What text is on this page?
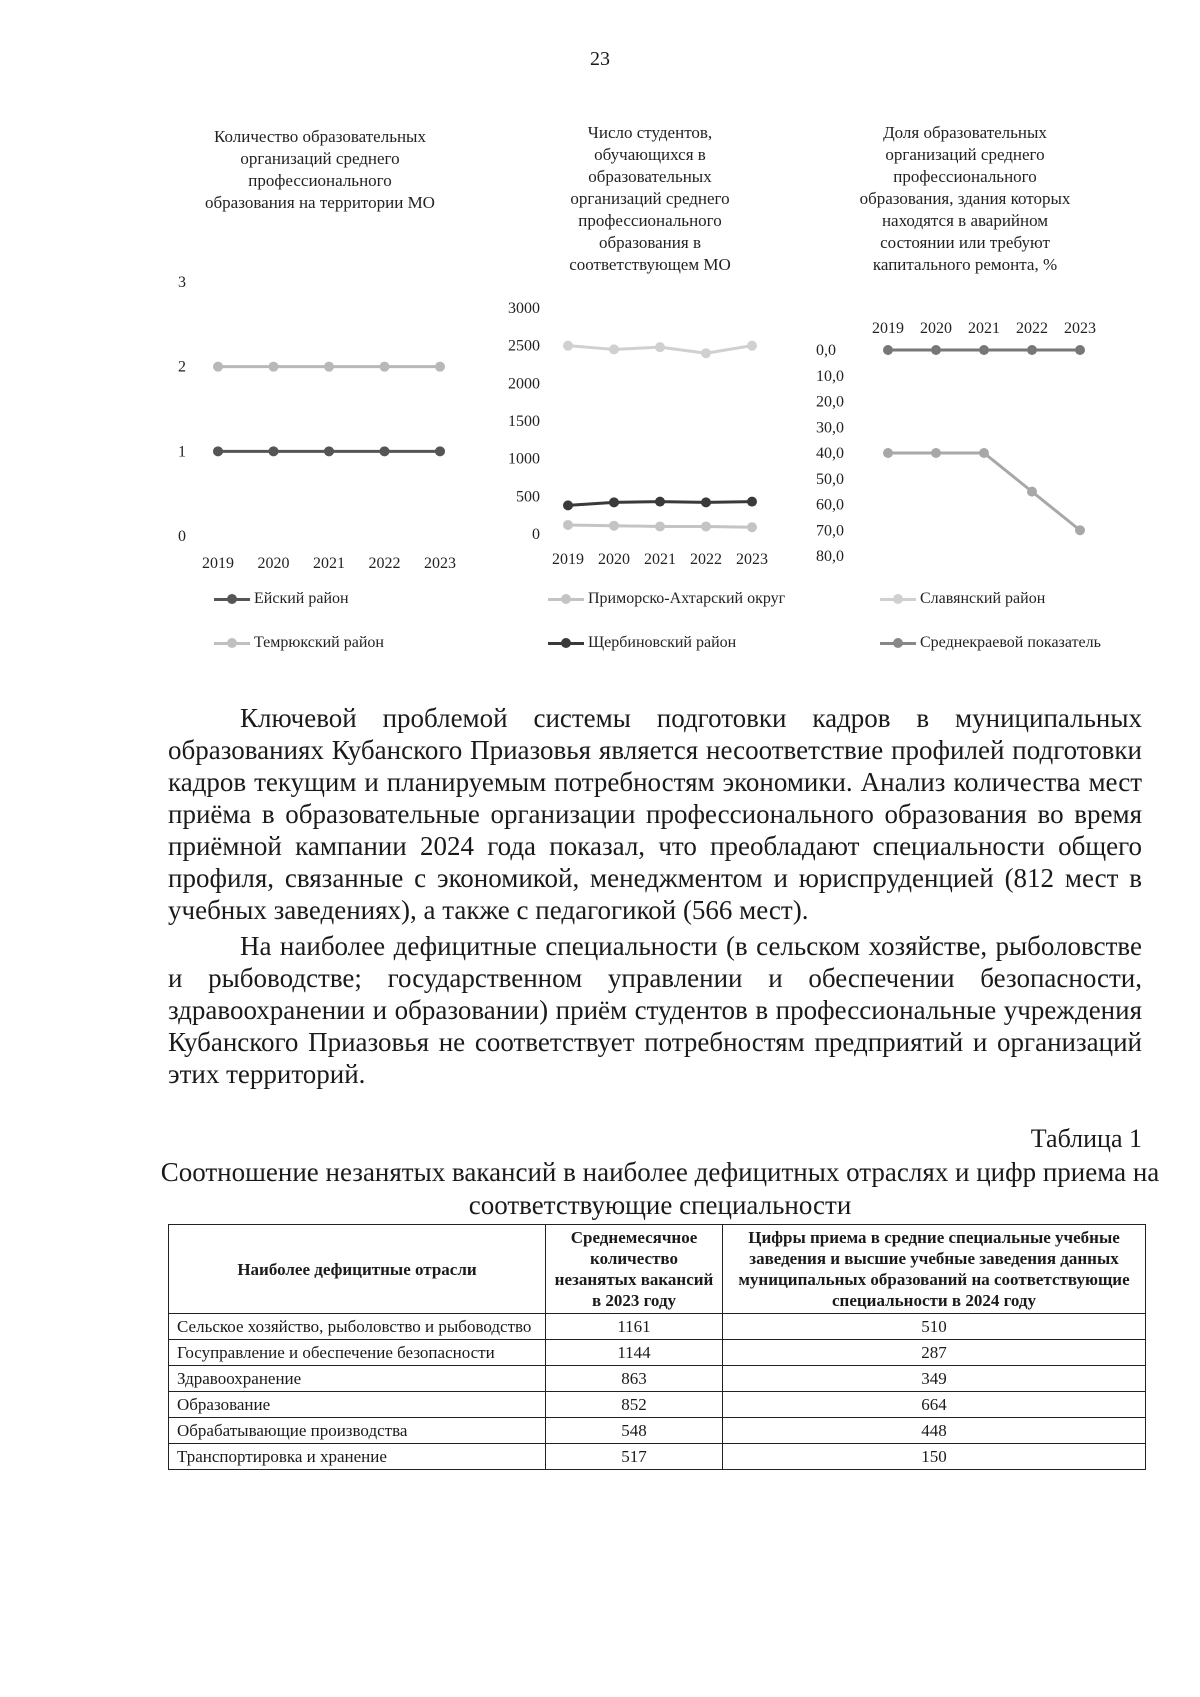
23
Количество образовательных организаций среднего профессионального образования на территории МО
3
2
1
0
2019 2020 2021 2022 2023
Число студентов, обучающихся в образовательных организаций среднего профессионального образования в соответствующем МО
3000
2500
2000
1500
1000
500
0
2019 2020 2021 2022 2023
Доля образовательных организаций среднего профессионального образования, здания которых находятся в аварийном состоянии или требуют капитального ремонта, %
0,0
10,0
20,0
30,0
40,0
50,0
60,0
70,0
80,0
2019 2020 2021 2022 2023
Ейский район
Темрюкский район
Приморско-Ахтарский округ
Щербиновский район
Славянский район
Среднекраевой показатель

Ключевой проблемой системы подготовки кадров в муниципальных образованиях Кубанского Приазовья является несоответствие профилей подготовки кадров текущим и планируемым потребностям экономики. Анализ количества мест приёма в образовательные организации профессионального образования во время приёмной кампании 2024 года показал, что преобладают специальности общего профиля, связанные с экономикой, менеджментом и юриспруденцией (812 мест в учебных заведениях), а также с педагогикой (566 мест).

На наиболее дефицитные специальности (в сельском хозяйстве, рыболовстве и рыбоводстве; государственном управлении и обеспечении безопасности, здравоохранении и образовании) приём студентов в профессиональные учреждения Кубанского Приазовья не соответствует потребностям предприятий и организаций этих территорий.

Таблица 1
Соотношение незанятых вакансий в наиболее дефицитных отраслях и цифр приема на соответствующие специальности
Наиболее дефицитные отрасли	Среднемесячное количество незанятых вакансий в 2023 году	Цифры приема в средние специальные учебные заведения и высшие учебные заведения данных муниципальных образований на соответствующие специальности в 2024 году
Сельское хозяйство, рыболовство и рыбоводство	1161	510
Госуправление и обеспечение безопасности	1144	287
Здравоохранение	863	349
Образование	852	664
Обрабатывающие производства	548	448
Транспортировка и хранение	517	150
